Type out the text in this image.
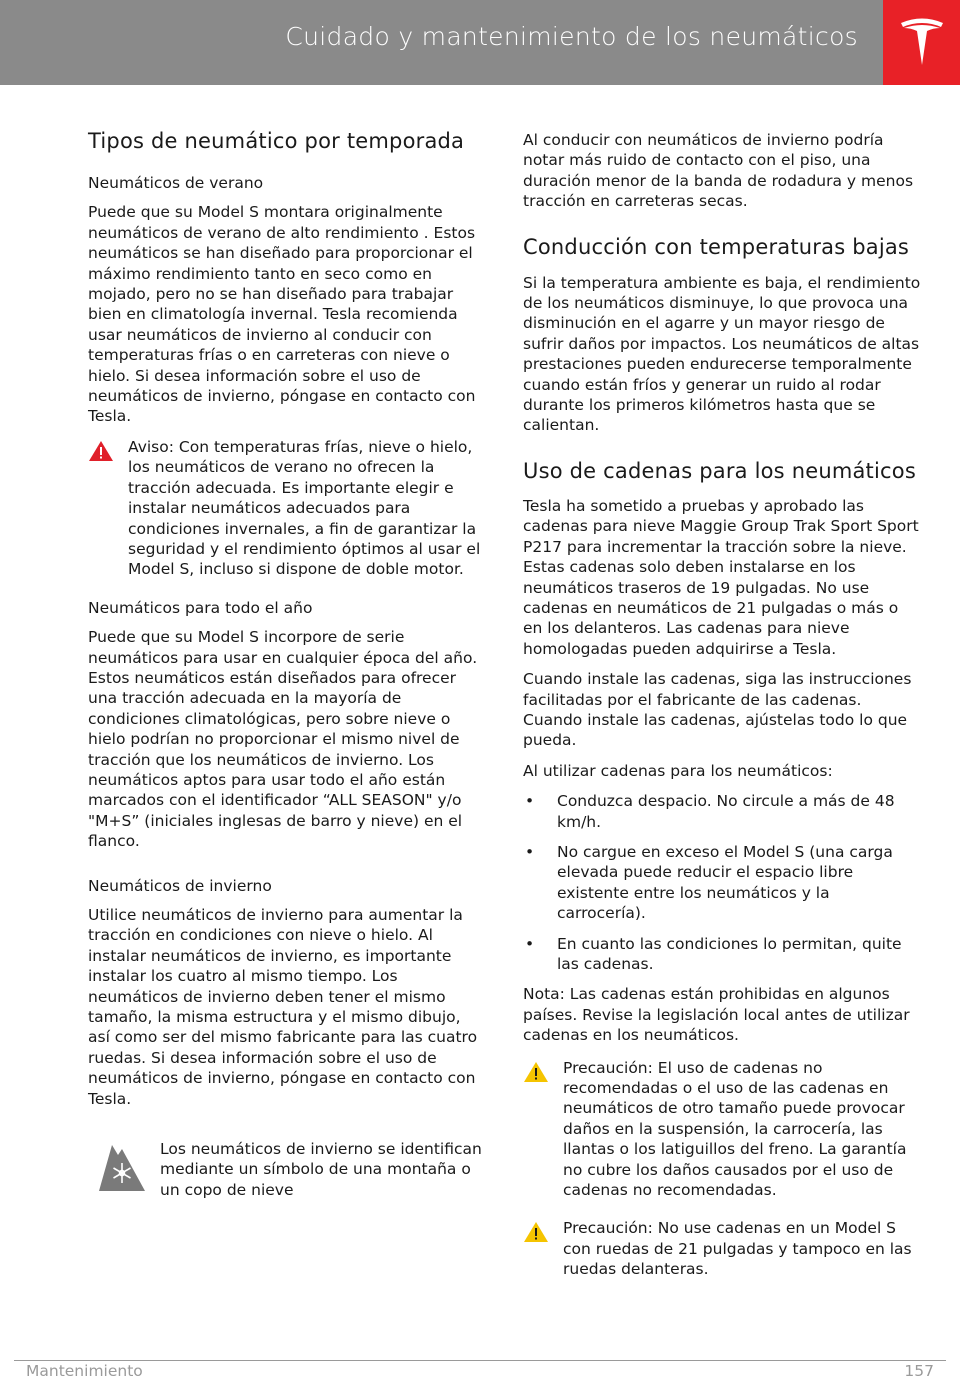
Cuidado y mantenimiento de los neumáticos
Tipos de neumático por temporada

Neumáticos de verano

Puede que su Model S montara originalmente neumáticos de verano de alto rendimiento . Estos neumáticos se han diseñado para proporcionar el máximo rendimiento tanto en seco como en mojado, pero no se han diseñado para trabajar bien en climatología invernal. Tesla recomienda usar neumáticos de invierno al conducir con temperaturas frías o en carreteras con nieve o hielo. Si desea información sobre el uso de neumáticos de invierno, póngase en contacto con Tesla.

Aviso: Con temperaturas frías, nieve o hielo, los neumáticos de verano no ofrecen la tracción adecuada. Es importante elegir e instalar neumáticos adecuados para condiciones invernales, a fin de garantizar la seguridad y el rendimiento óptimos al usar el Model S, incluso si dispone de doble motor.

Neumáticos para todo el año

Puede que su Model S incorpore de serie neumáticos para usar en cualquier época del año. Estos neumáticos están diseñados para ofrecer una tracción adecuada en la mayoría de condiciones climatológicas, pero sobre nieve o hielo podrían no proporcionar el mismo nivel de tracción que los neumáticos de invierno. Los neumáticos aptos para usar todo el año están marcados con el identificador “ALL SEASON" y/o "M+S” (iniciales inglesas de barro y nieve) en el flanco.

Neumáticos de invierno

Utilice neumáticos de invierno para aumentar la tracción en condiciones con nieve o hielo. Al instalar neumáticos de invierno, es importante instalar los cuatro al mismo tiempo. Los neumáticos de invierno deben tener el mismo tamaño, la misma estructura y el mismo dibujo, así como ser del mismo fabricante para las cuatro ruedas. Si desea información sobre el uso de neumáticos de invierno, póngase en contacto con Tesla.

Los neumáticos de invierno se identifican mediante un símbolo de una montaña o un copo de nieve

Al conducir con neumáticos de invierno podría notar más ruido de contacto con el piso, una duración menor de la banda de rodadura y menos tracción en carreteras secas.

Conducción con temperaturas bajas

Si la temperatura ambiente es baja, el rendimiento de los neumáticos disminuye, lo que provoca una disminución en el agarre y un mayor riesgo de sufrir daños por impactos. Los neumáticos de altas prestaciones pueden endurecerse temporalmente cuando están fríos y generar un ruido al rodar durante los primeros kilómetros hasta que se calientan.

Uso de cadenas para los neumáticos

Tesla ha sometido a pruebas y aprobado las cadenas para nieve Maggie Group Trak Sport Sport P217 para incrementar la tracción sobre la nieve. Estas cadenas solo deben instalarse en los neumáticos traseros de 19 pulgadas. No use cadenas en neumáticos de 21 pulgadas o más o en los delanteros. Las cadenas para nieve homologadas pueden adquirirse a Tesla.

Cuando instale las cadenas, siga las instrucciones facilitadas por el fabricante de las cadenas. Cuando instale las cadenas, ajústelas todo lo que pueda.

Al utilizar cadenas para los neumáticos:

• Conduzca despacio. No circule a más de 48 km/h.
• No cargue en exceso el Model S (una carga elevada puede reducir el espacio libre existente entre los neumáticos y la carrocería).
• En cuanto las condiciones lo permitan, quite las cadenas.

Nota: Las cadenas están prohibidas en algunos países. Revise la legislación local antes de utilizar cadenas en los neumáticos.

Precaución: El uso de cadenas no recomendadas o el uso de las cadenas en neumáticos de otro tamaño puede provocar daños en la suspensión, la carrocería, las llantas o los latiguillos del freno. La garantía no cubre los daños causados por el uso de cadenas no recomendadas.
Precaución: No use cadenas en un Model S con ruedas de 21 pulgadas y tampoco en las ruedas delanteras.
Mantenimiento	157
